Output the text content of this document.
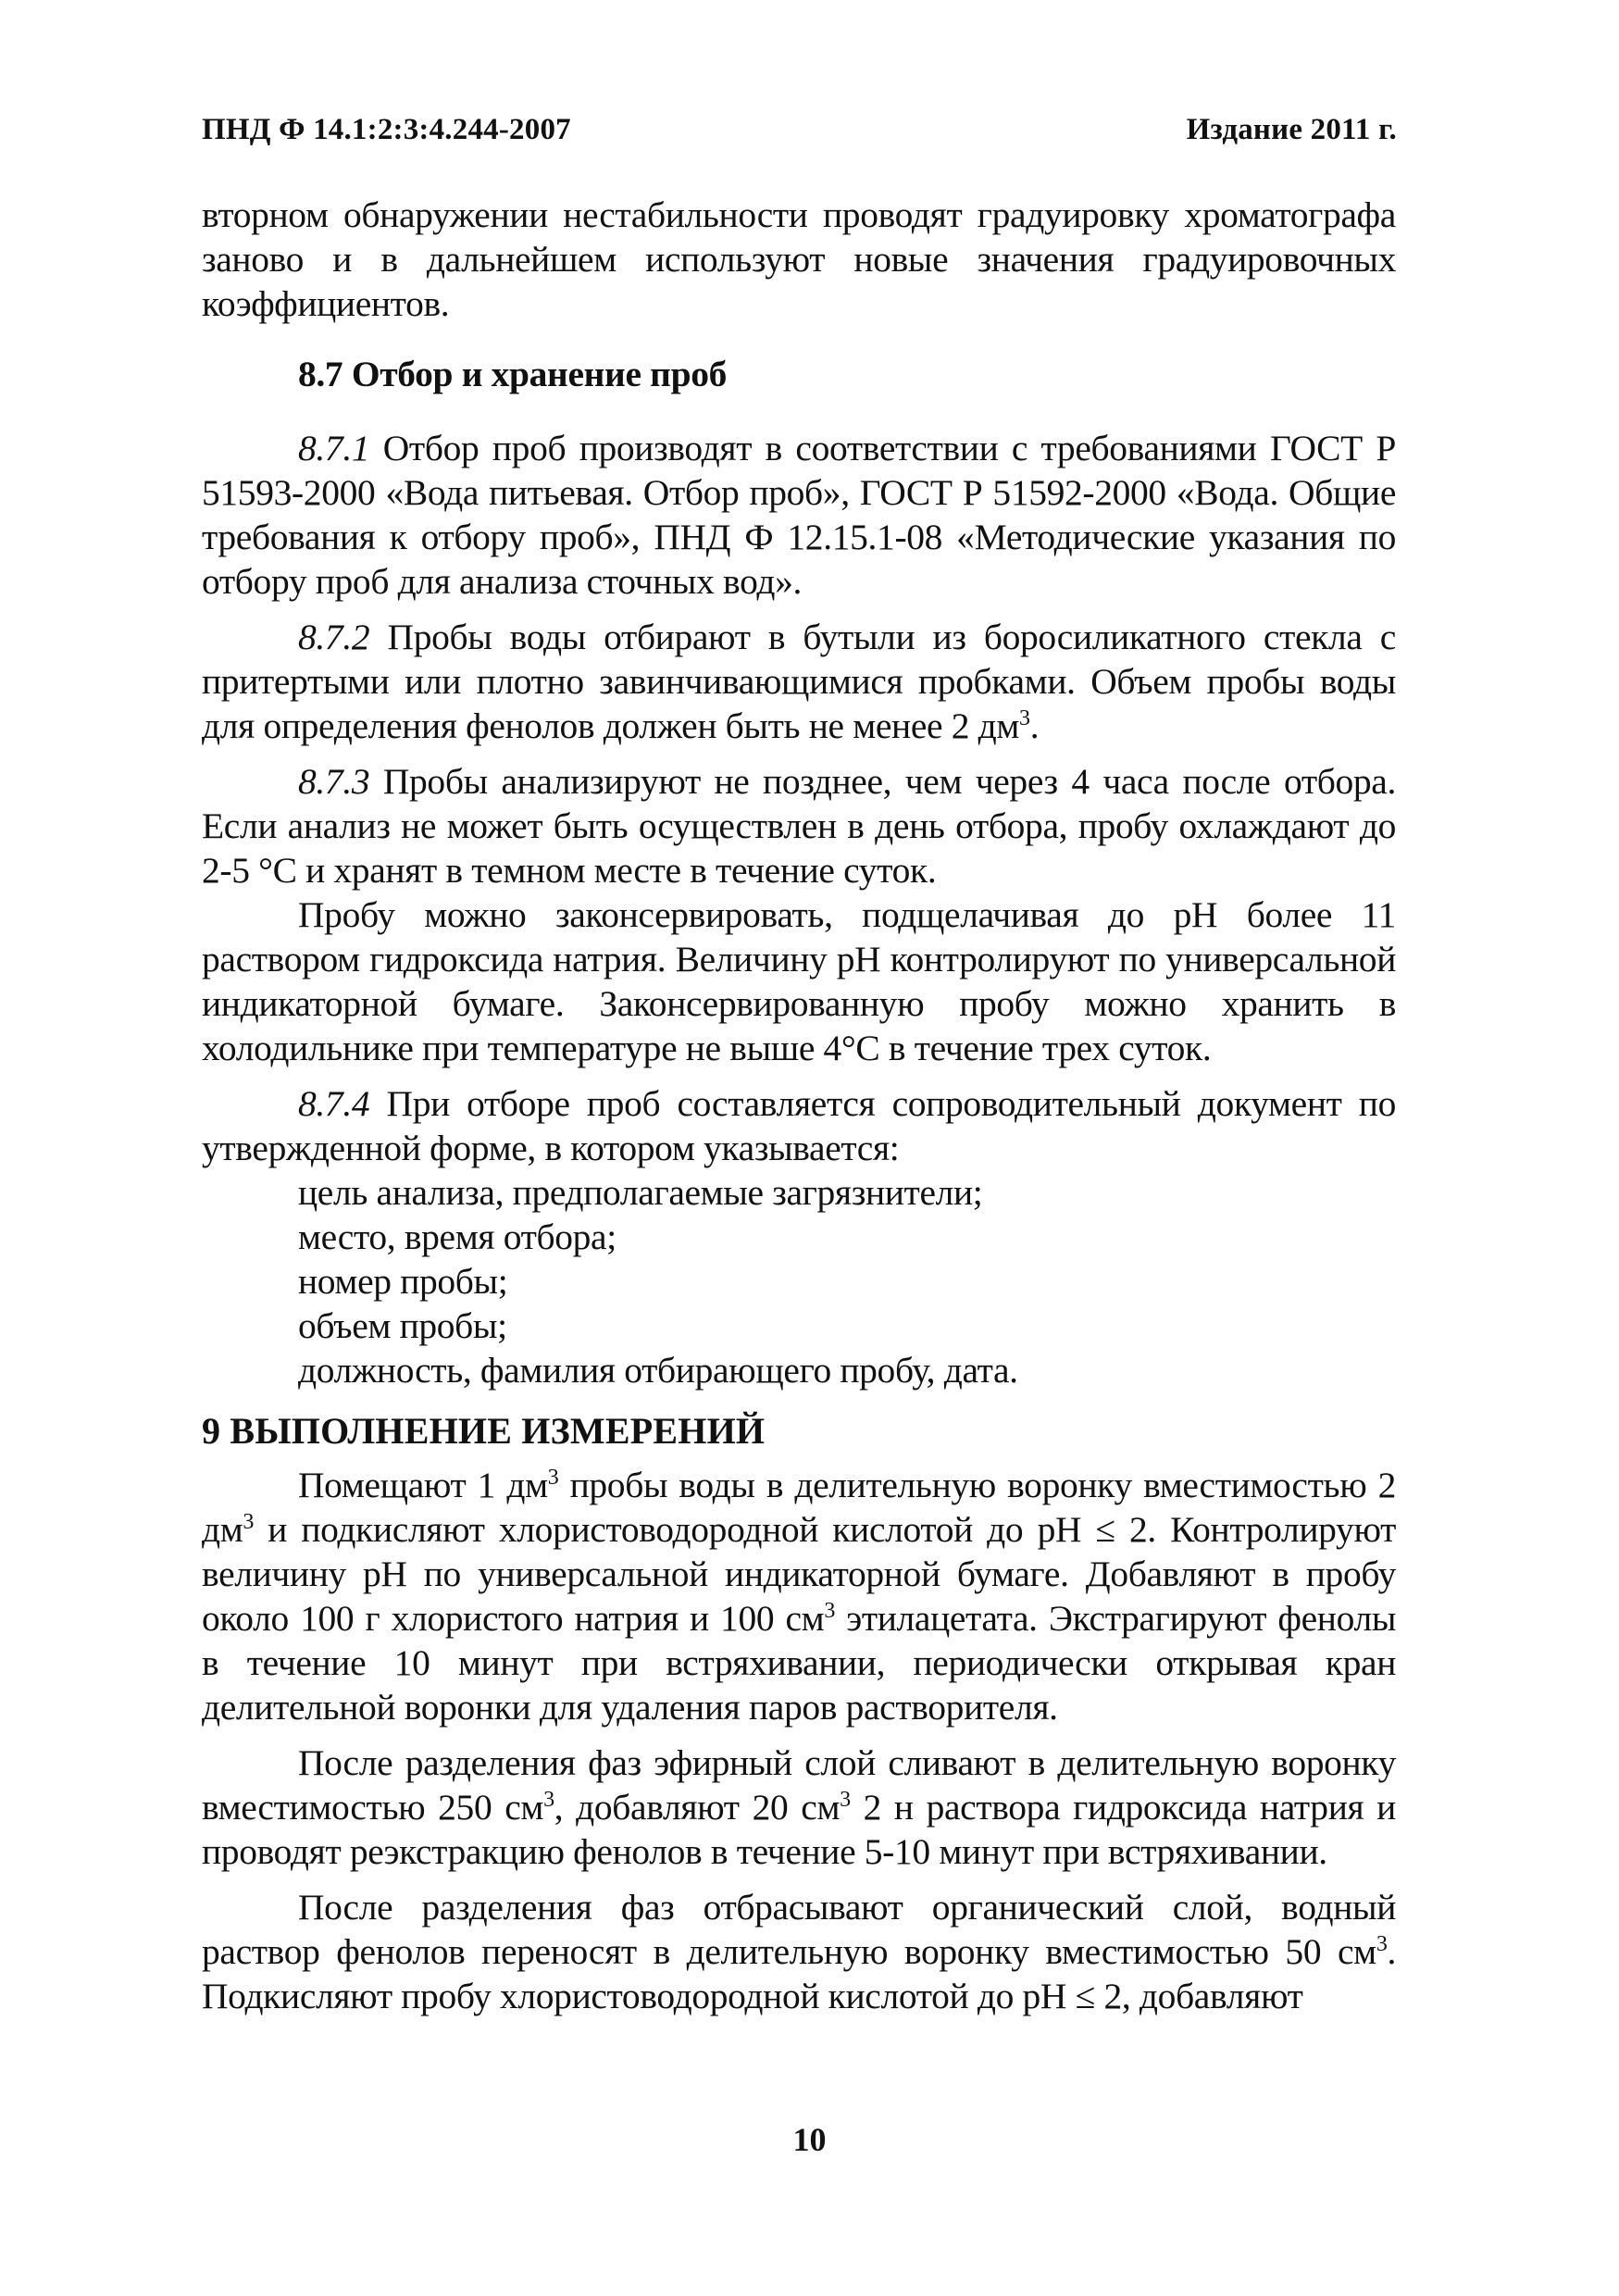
ПНД Ф 14.1:2:3:4.244-2007	Издание 2011 г.

вторном обнаружении нестабильности проводят градуировку хроматографа заново и в дальнейшем используют новые значения градуировочных коэффициентов.

8.7 Отбор и хранение проб

8.7.1 Отбор проб производят в соответствии с требованиями ГОСТ Р 51593-2000 «Вода питьевая. Отбор проб», ГОСТ Р 51592-2000 «Вода. Общие требования к отбору проб», ПНД Ф 12.15.1-08 «Методические указания по отбору проб для анализа сточных вод».

8.7.2 Пробы воды отбирают в бутыли из боросиликатного стекла с притертыми или плотно завинчивающимися пробками. Объем пробы воды для определения фенолов должен быть не менее 2 $дм^3$.

8.7.3 Пробы анализируют не позднее, чем через 4 часа после отбора. Если анализ не может быть осуществлен в день отбора, пробу охлаждают до 2-5 °С и хранят в темном месте в течение суток.

Пробу можно законсервировать, подщелачивая до рН более 11 раствором гидроксида натрия. Величину рН контролируют по универсальной индикаторной бумаге. Законсервированную пробу можно хранить в холодильнике при температуре не выше 4°С в течение трех суток.

8.7.4 При отборе проб составляется сопроводительный документ по утвержденной форме, в котором указывается:

цель анализа, предполагаемые загрязнители;
место, время отбора;
номер пробы;
объем пробы;
должность, фамилия отбирающего пробу, дата.

9 ВЫПОЛНЕНИЕ ИЗМЕРЕНИЙ

Помещают 1 $дм^3$ пробы воды в делительную воронку вместимостью 2 $дм^3$ и подкисляют хлористоводородной кислотой до рН ≤ 2. Контролируют величину рН по универсальной индикаторной бумаге. Добавляют в пробу около 100 г хлористого натрия и 100 $см^3$ этилацетата. Экстрагируют фенолы в течение 10 минут при встряхивании, периодически открывая кран делительной воронки для удаления паров растворителя.

После разделения фаз эфирный слой сливают в делительную воронку вместимостью 250 $см^3$, добавляют 20 $см^3$ 2 н раствора гидроксида натрия и проводят реэкстракцию фенолов в течение 5-10 минут при встряхивании.

После разделения фаз отбрасывают органический слой, водный раствор фенолов переносят в делительную воронку вместимостью 50 $см^3$. Подкисляют пробу хлористоводородной кислотой до рН ≤ 2, добавляют

10
